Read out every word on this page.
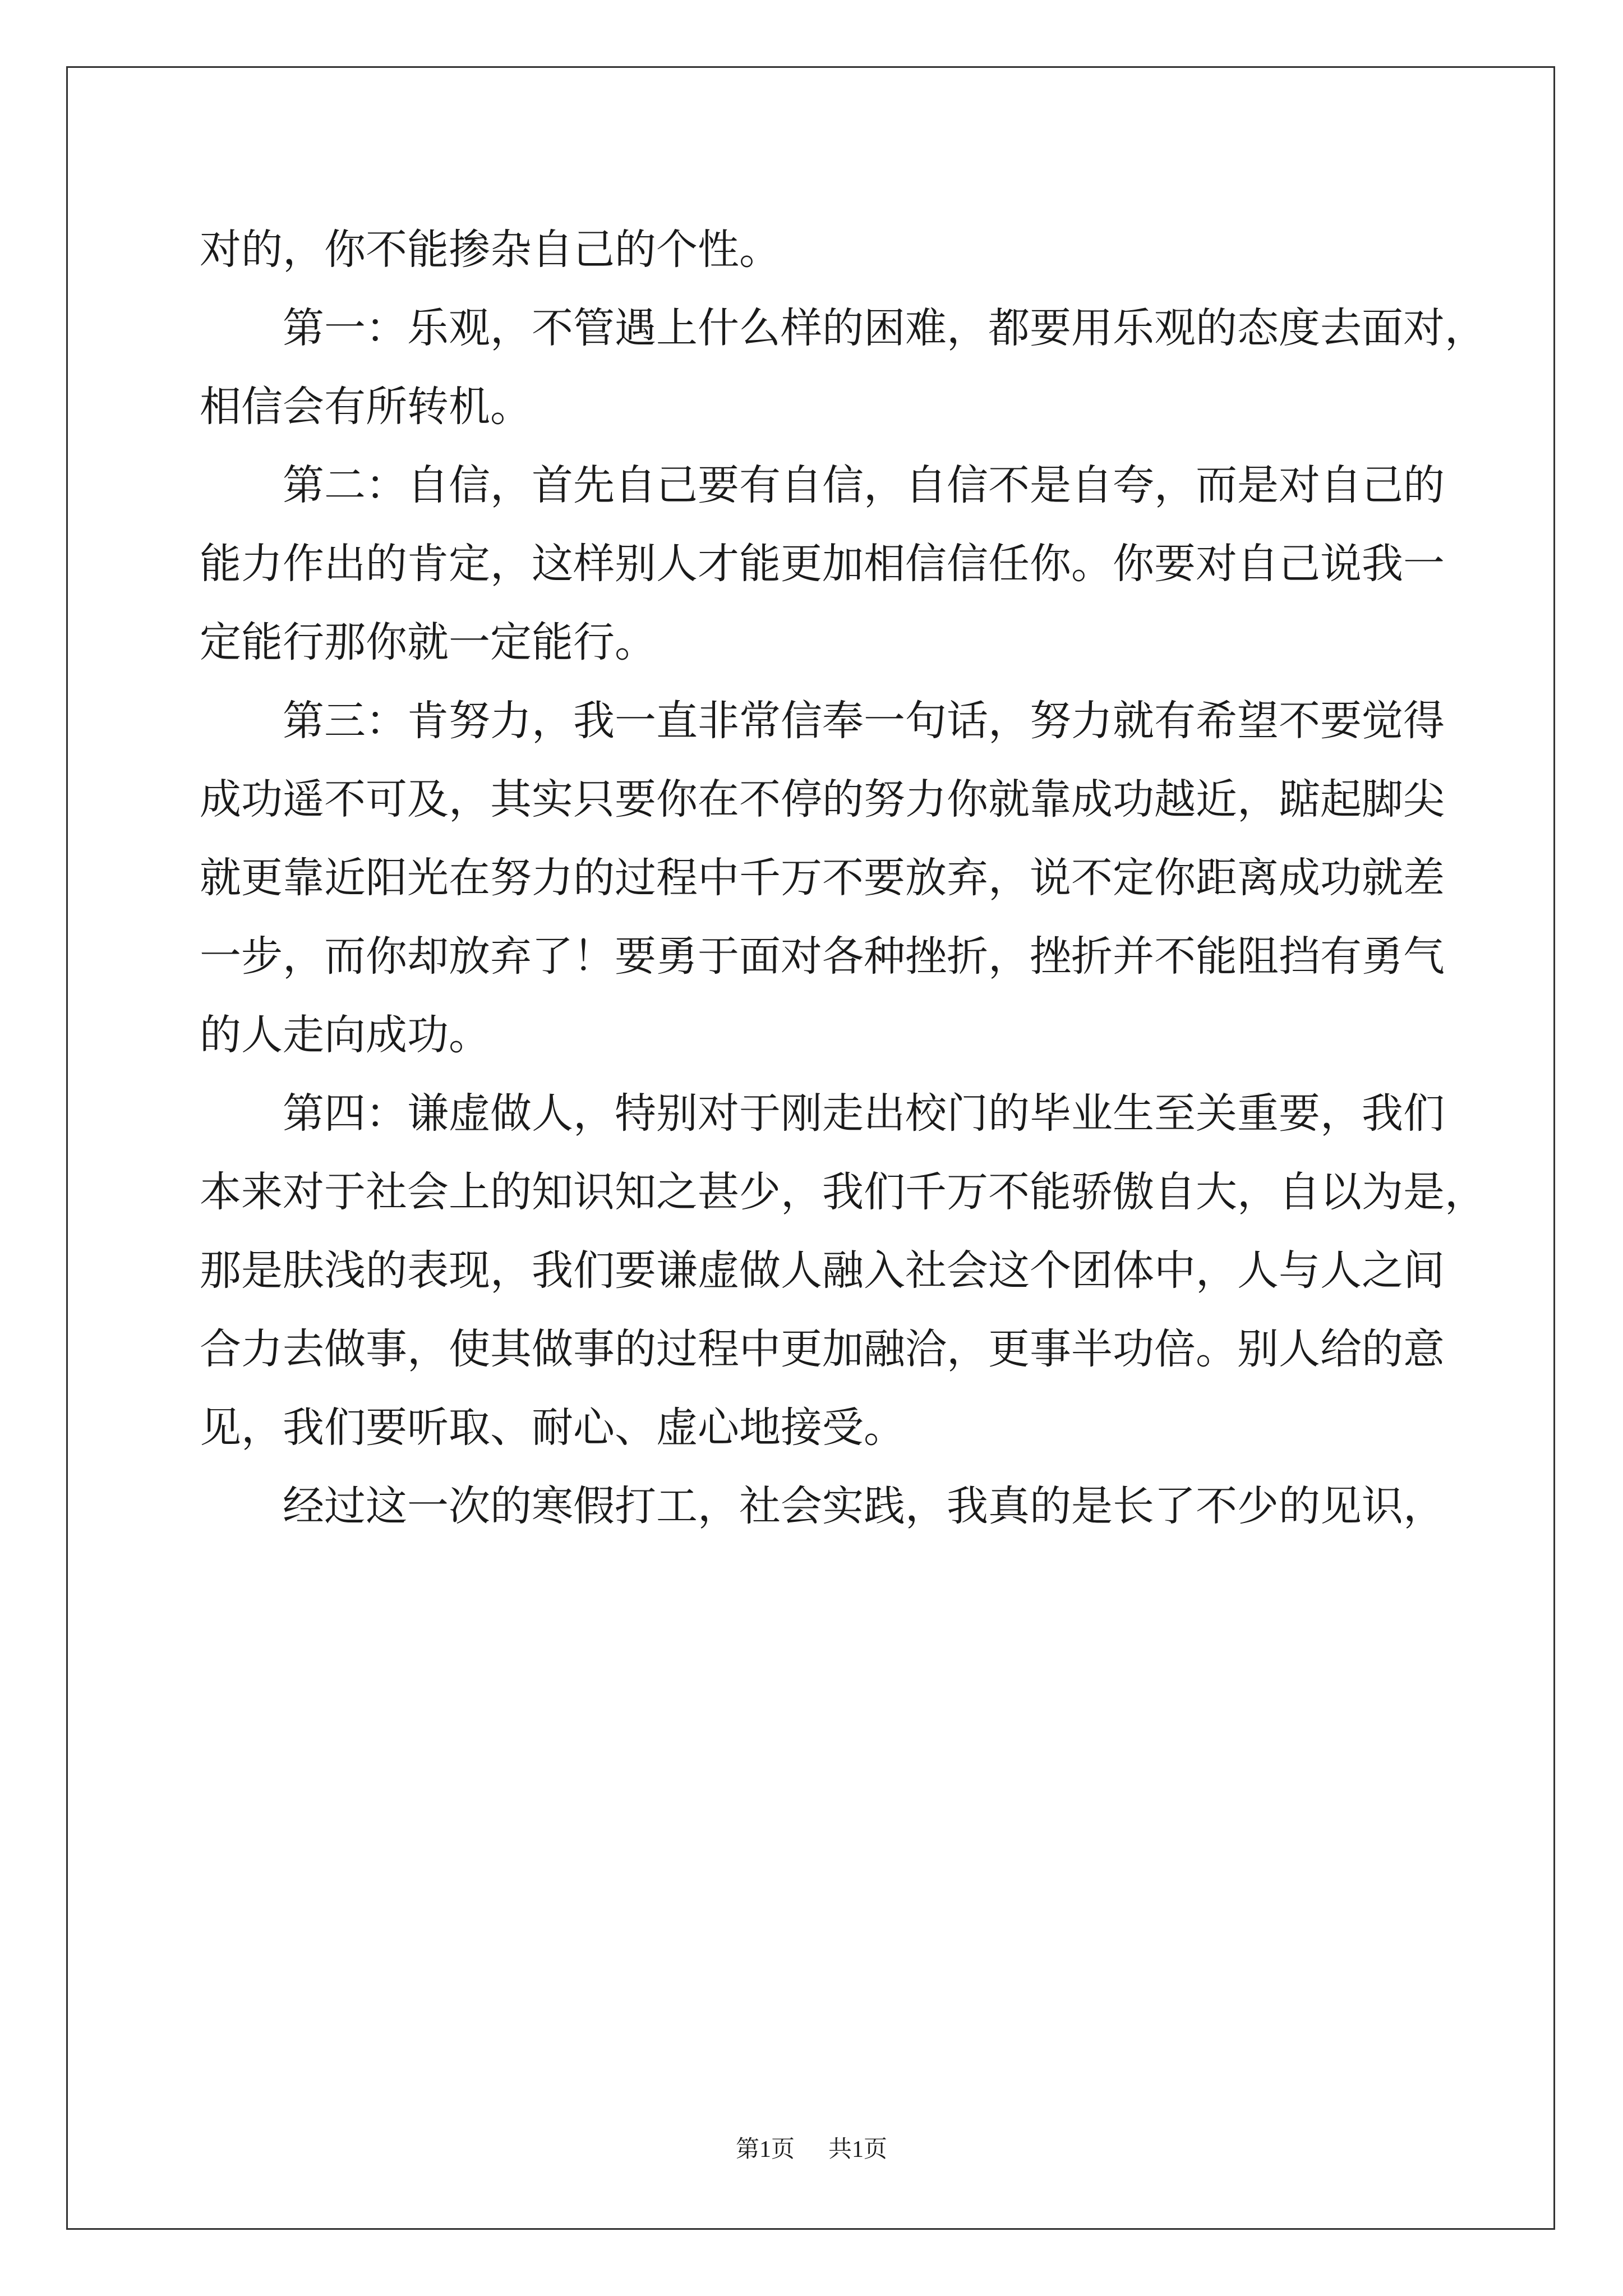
对的，你不能掺杂自己的个性。
　　第一：乐观，不管遇上什么样的困难，都要用乐观的态度去面对，
相信会有所转机。
　　第二：自信，首先自己要有自信，自信不是自夸，而是对自己的
能力作出的肯定，这样别人才能更加相信信任你。你要对自己说我一
定能行那你就一定能行。
　　第三：肯努力，我一直非常信奉一句话，努力就有希望不要觉得
成功遥不可及，其实只要你在不停的努力你就靠成功越近，踮起脚尖
就更靠近阳光在努力的过程中千万不要放弃，说不定你距离成功就差
一步，而你却放弃了！要勇于面对各种挫折，挫折并不能阻挡有勇气
的人走向成功。
　　第四：谦虚做人，特别对于刚走出校门的毕业生至关重要，我们
本来对于社会上的知识知之甚少，我们千万不能骄傲自大，自以为是，
那是肤浅的表现，我们要谦虚做人融入社会这个团体中，人与人之间
合力去做事，使其做事的过程中更加融洽，更事半功倍。别人给的意
见，我们要听取、耐心、虚心地接受。
　　经过这一次的寒假打工，社会实践，我真的是长了不少的见识，
第1页 共1页
